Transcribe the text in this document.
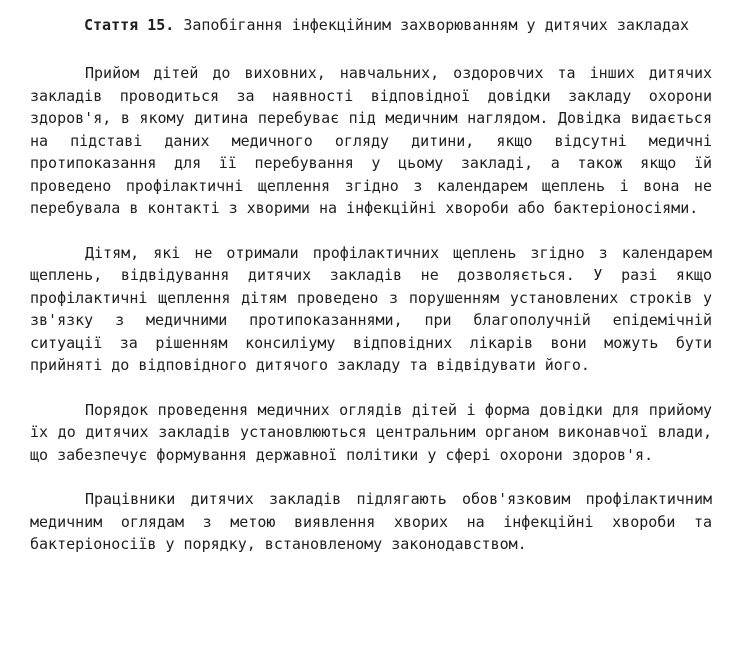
Стаття 15.
Запобігання інфекційним захворюванням у дитячих закладах

Прийом дітей до виховних, навчальних, оздоровчих та інших дитячих закладів проводиться за наявності відповідної довідки закладу охорони здоров'я, в якому дитина перебуває під медичним наглядом. Довідка видається на підставі даних медичного огляду дитини, якщо відсутні медичні протипоказання для її перебування у цьому закладі, а також якщо їй проведено профілактичні щеплення згідно з календарем щеплень і вона не перебувала в контакті з хворими на інфекційні хвороби або бактеріоносіями.

Дітям, які не отримали профілактичних щеплень згідно з календарем щеплень, відвідування дитячих закладів не дозволяється. У разі якщо профілактичні щеплення дітям проведено з порушенням установлених строків у зв'язку з медичними протипоказаннями, при благополучній епідемічній ситуації за рішенням консиліуму відповідних лікарів вони можуть бути прийняті до відповідного дитячого закладу та відвідувати його.

Порядок проведення медичних оглядів дітей і форма довідки для прийому їх до дитячих закладів установлюються центральним органом виконавчої влади, що забезпечує формування державної політики у сфері охорони здоров'я.

Працівники дитячих закладів підлягають обов'язковим профілактичним медичним оглядам з метою виявлення хворих на інфекційні хвороби та бактеріоносіїв у порядку, встановленому законодавством.
